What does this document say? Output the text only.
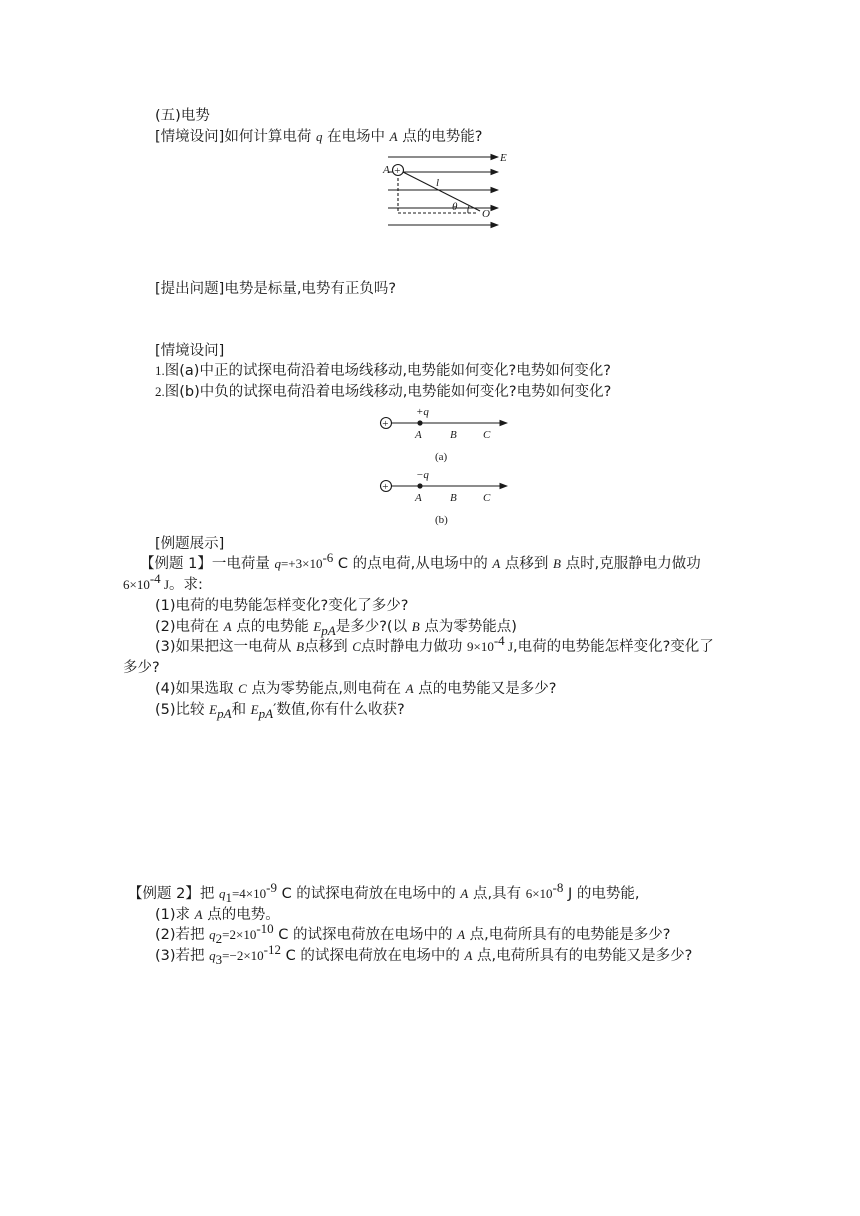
(五)电势
[情境设问]如何计算电荷 q 在电场中 A 点的电势能?
+
E
A
l
θ
O
[提出问题]电势是标量,电势有正负吗?
[情境设问]
1.图(a)中正的试探电荷沿着电场线移动,电势能如何变化?电势如何变化?
2.图(b)中负的试探电荷沿着电场线移动,电势能如何变化?电势如何变化?
+
+q
A	B C
(a)
+
−q
A	B C
(b)
[例题展示]
【例题 1】一电荷量 $q=+3\times 10^{-6}$ C 的点电荷,从电场中的 A 点移到 B 点时,克服静电力做功
$6\times 10^{-4}$ J。求:
(1)电荷的电势能怎样变化?变化了多少?
(2)电荷在 A 点的电势能 $E_{pA}$是多少?(以 B 点为零势能点)
(3)如果把这一电荷从 B点移到 C点时静电力做功 $9\times 10^{-4}$ J,电荷的电势能怎样变化?变化了
多少?
(4)如果选取 C 点为零势能点,则电荷在 A 点的电势能又是多少?
(5)比较 $E_{pA}$和 $E_{pA}'$数值,你有什么收获?
【例题 2】把 $q_1=4\times 10^{-9}$ C 的试探电荷放在电场中的 A 点,具有 $6\times 10^{-8}$ J 的电势能,
(1)求 A 点的电势。
(2)若把 $q_2=2\times 10^{-10}$ C 的试探电荷放在电场中的 A 点,电荷所具有的电势能是多少?
(3)若把 $q_3=-2\times 10^{-12}$ C 的试探电荷放在电场中的 A 点,电荷所具有的电势能又是多少?
